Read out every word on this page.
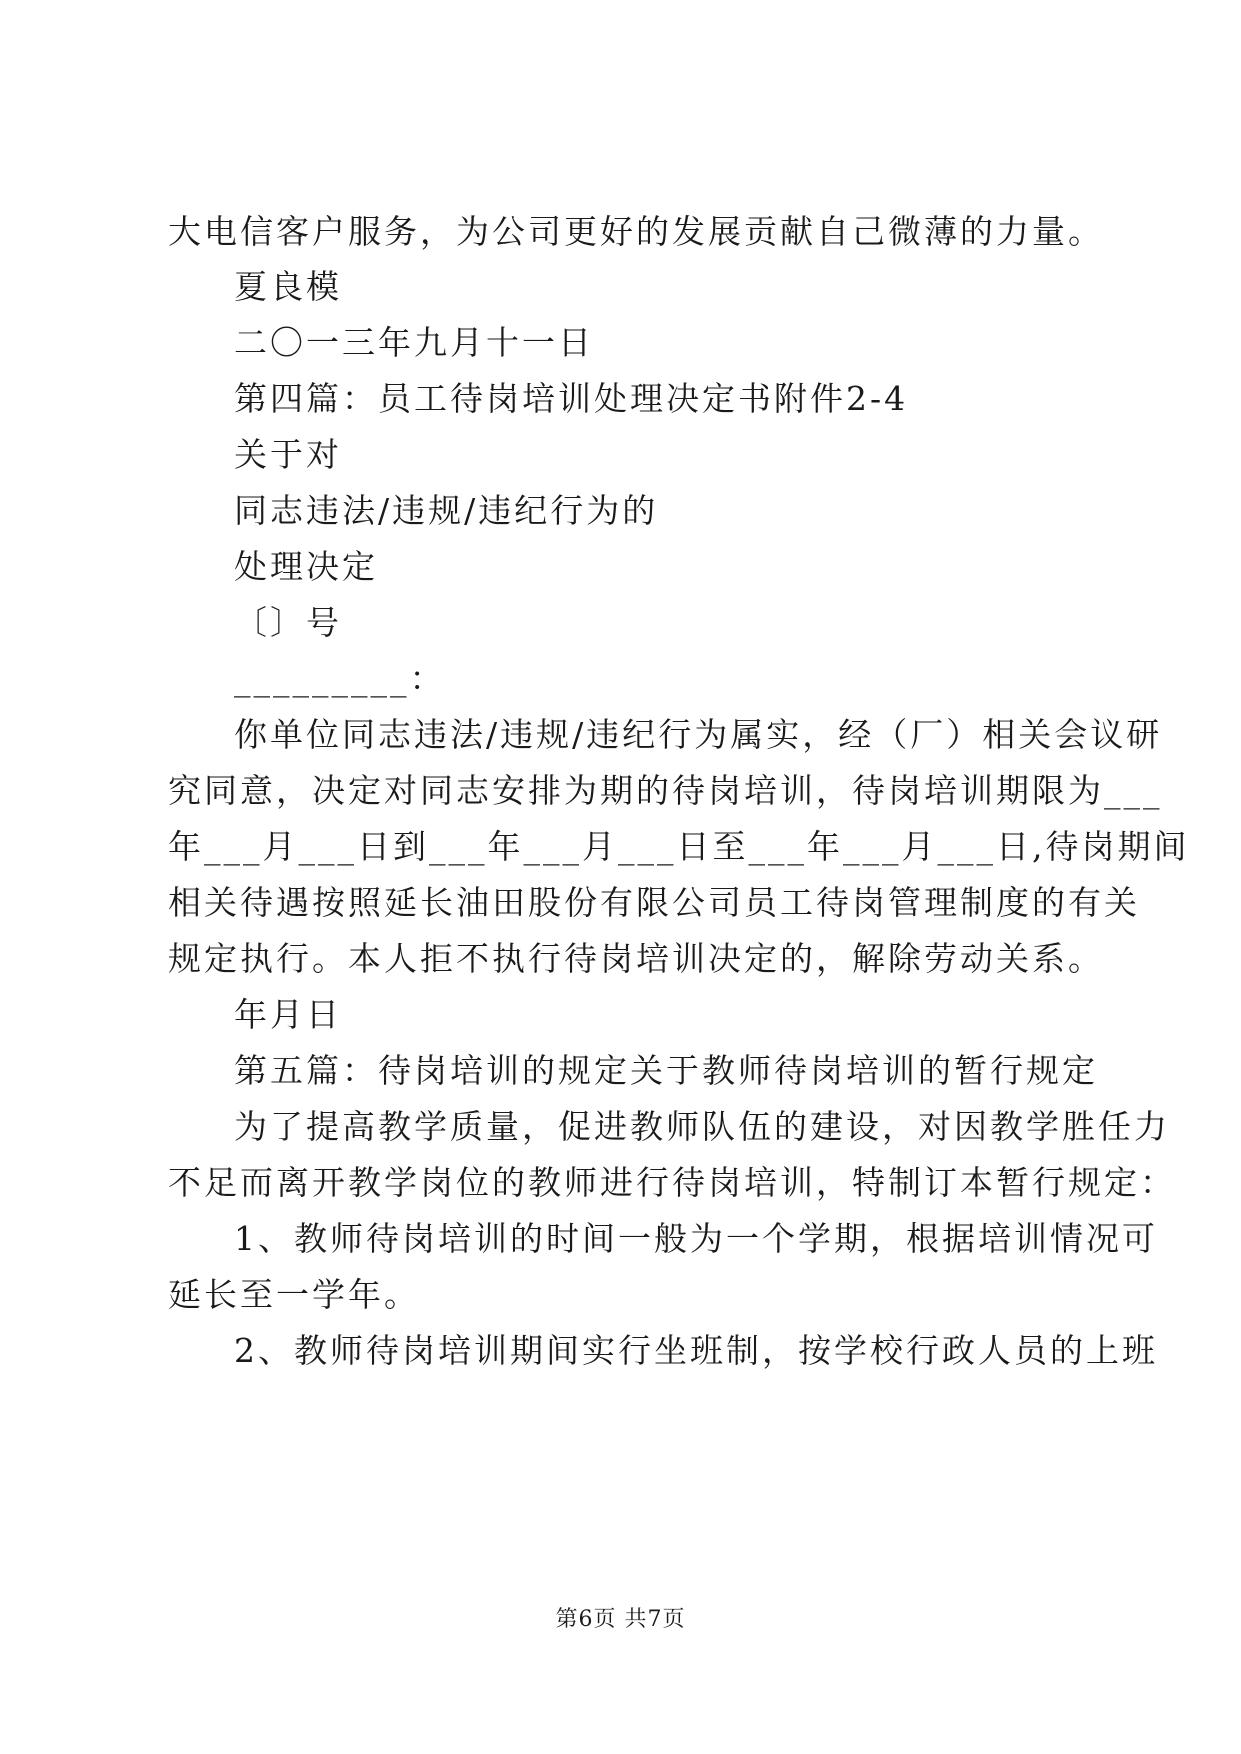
大电信客户服务，为公司更好的发展贡献自己微薄的力量。
夏良模
二〇一三年九月十一日
第四篇：员工待岗培训处理决定书附件2-4
关于对
同志违法/违规/违纪行为的
处理决定
〔〕号
_________：
你单位同志违法/违规/违纪行为属实，经（厂）相关会议研
究同意，决定对同志安排为期的待岗培训，待岗培训期限为___
年___月___日到___年___月___日至___年___月___日,待岗期间
相关待遇按照延长油田股份有限公司员工待岗管理制度的有关
规定执行。本人拒不执行待岗培训决定的，解除劳动关系。
年月日
第五篇：待岗培训的规定关于教师待岗培训的暂行规定
为了提高教学质量，促进教师队伍的建设，对因教学胜任力
不足而离开教学岗位的教师进行待岗培训，特制订本暂行规定：
1、教师待岗培训的时间一般为一个学期，根据培训情况可
延长至一学年。
2、教师待岗培训期间实行坐班制，按学校行政人员的上班
第6页 共7页
